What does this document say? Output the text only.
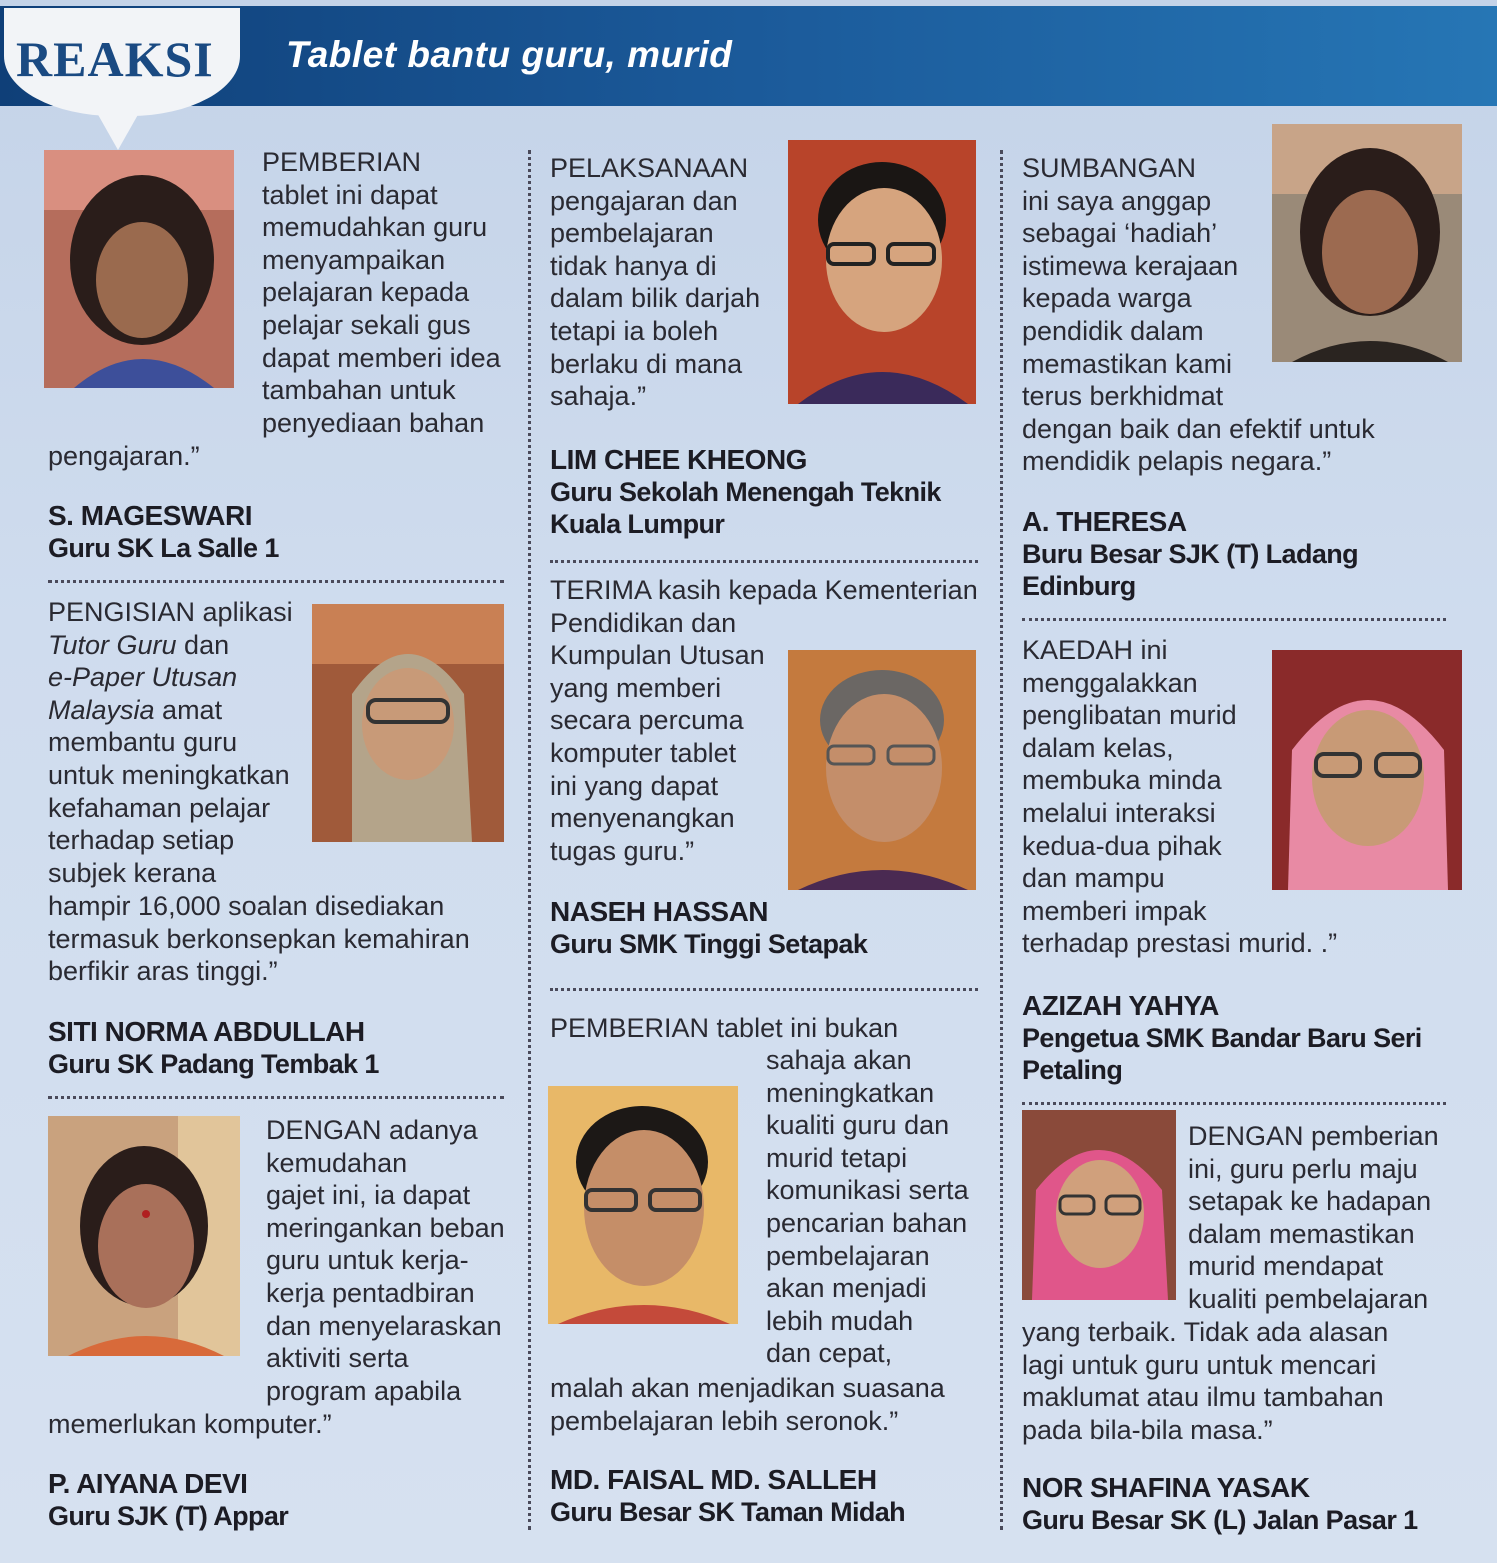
Tablet bantu guru, murid
REAKSI
PEMBERIAN
tablet ini dapat
memudahkan guru
menyampaikan
pelajaran kepada
pelajar sekali gus
dapat memberi idea
tambahan untuk
penyediaan bahan
pengajaran.”
S. MAGESWARI
Guru SK La Salle 1
PENGISIAN aplikasi
Tutor Guru dan
e-Paper Utusan
Malaysia amat
membantu guru
untuk meningkatkan
kefahaman pelajar
terhadap setiap
subjek kerana
hampir 16,000 soalan disediakan
termasuk berkonsepkan kemahiran
berfikir aras tinggi.”
SITI NORMA ABDULLAH
Guru SK Padang Tembak 1
DENGAN adanya
kemudahan
gajet ini, ia dapat
meringankan beban
guru untuk kerja-
kerja pentadbiran
dan menyelaraskan
aktiviti serta
program apabila
memerlukan komputer.”
P. AIYANA DEVI
Guru SJK (T) Appar
PELAKSANAAN
pengajaran dan
pembelajaran
tidak hanya di
dalam bilik darjah
tetapi ia boleh
berlaku di mana
sahaja.”
LIM CHEE KHEONG
Guru Sekolah Menengah Teknik
Kuala Lumpur
TERIMA kasih kepada Kementerian
Pendidikan dan
Kumpulan Utusan
yang memberi
secara percuma
komputer tablet
ini yang dapat
menyenangkan
tugas guru.”
NASEH HASSAN
Guru SMK Tinggi Setapak
PEMBERIAN tablet ini bukan
sahaja akan
meningkatkan
kualiti guru dan
murid tetapi
komunikasi serta
pencarian bahan
pembelajaran
akan menjadi
lebih mudah
dan cepat,
malah akan menjadikan suasana
pembelajaran lebih seronok.”
MD. FAISAL MD. SALLEH
Guru Besar SK Taman Midah
SUMBANGAN
ini saya anggap
sebagai ‘hadiah’
istimewa kerajaan
kepada warga
pendidik dalam
memastikan kami
terus berkhidmat
dengan baik dan efektif untuk
mendidik pelapis negara.”
A. THERESA
Buru Besar SJK (T) Ladang
Edinburg
KAEDAH ini
menggalakkan
penglibatan murid
dalam kelas,
membuka minda
melalui interaksi
kedua-dua pihak
dan mampu
memberi impak
terhadap prestasi murid. .”
AZIZAH YAHYA
Pengetua SMK Bandar Baru Seri
Petaling
DENGAN pemberian
ini, guru perlu maju
setapak ke hadapan
dalam memastikan
murid mendapat
kualiti pembelajaran
yang terbaik. Tidak ada alasan
lagi untuk guru untuk mencari
maklumat atau ilmu tambahan
pada bila-bila masa.”
NOR SHAFINA YASAK
Guru Besar SK (L) Jalan Pasar 1
